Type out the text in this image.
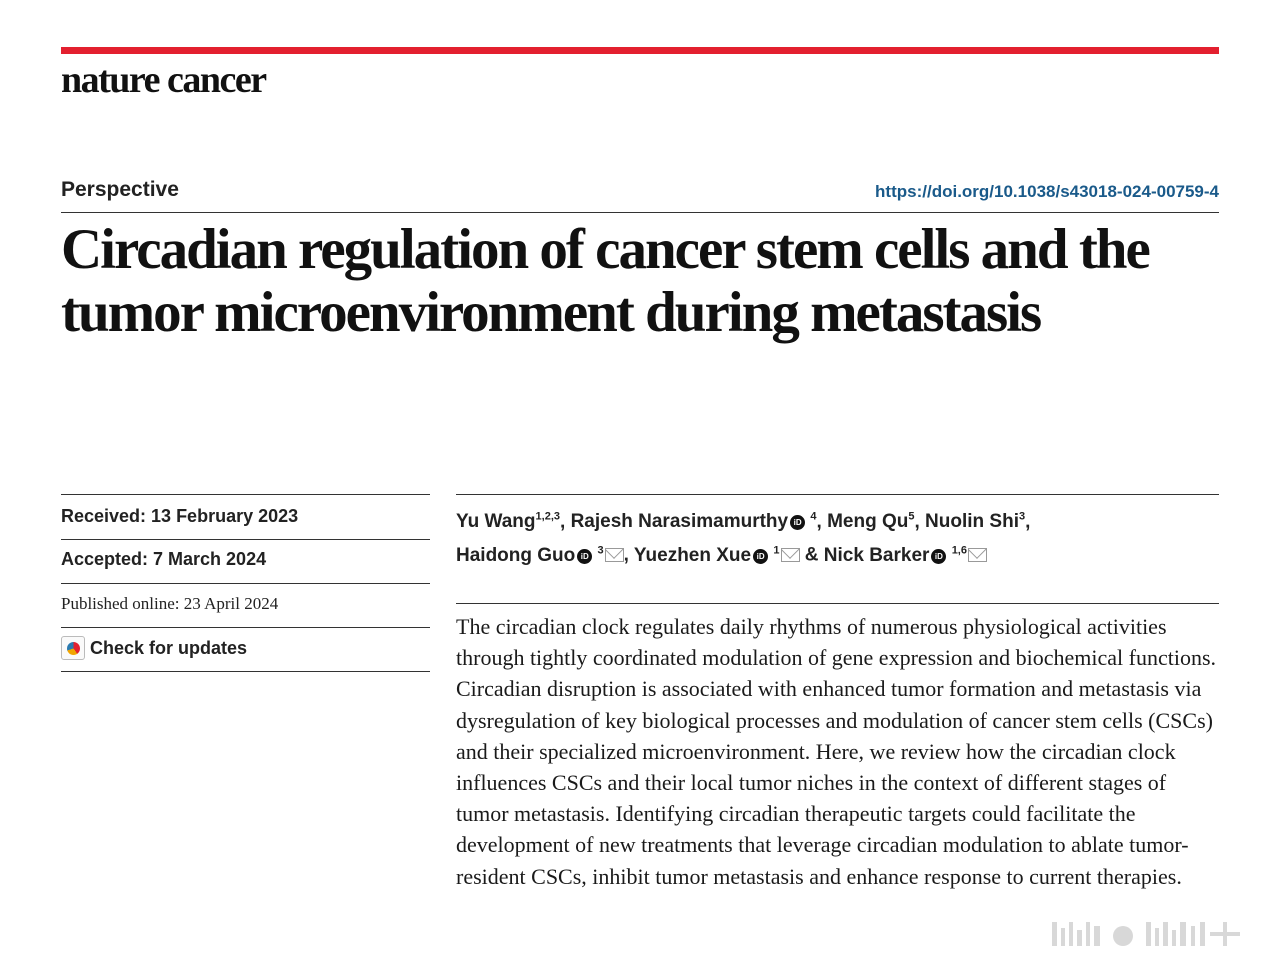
nature cancer
Perspective	https://doi.org/10.1038/s43018-024-00759-4
Circadian regulation of cancer stem cells and the tumor microenvironment during metastasis
Received: 13 February 2023
Accepted: 7 March 2024
Published online: 23 April 2024
Check for updates

Yu Wang$^{1,2,3}$, Rajesh Narasimamurthy iD $^4$, Meng Qu$^5$, Nuolin Shi$^3$,
Haidong Guo iD $^3$ , Yuezhen Xue iD $^1$ & Nick Barker iD $^{1,6}$

The circadian clock regulates daily rhythms of numerous physiological activities through tightly coordinated modulation of gene expression and biochemical functions. Circadian disruption is associated with enhanced tumor formation and metastasis via dysregulation of key biological processes and modulation of cancer stem cells (CSCs) and their specialized microenvironment. Here, we review how the circadian clock influences CSCs and their local tumor niches in the context of different stages of tumor metastasis. Identifying circadian therapeutic targets could facilitate the development of new treatments that leverage circadian modulation to ablate tumor-resident CSCs, inhibit tumor metastasis and enhance response to current therapies.
